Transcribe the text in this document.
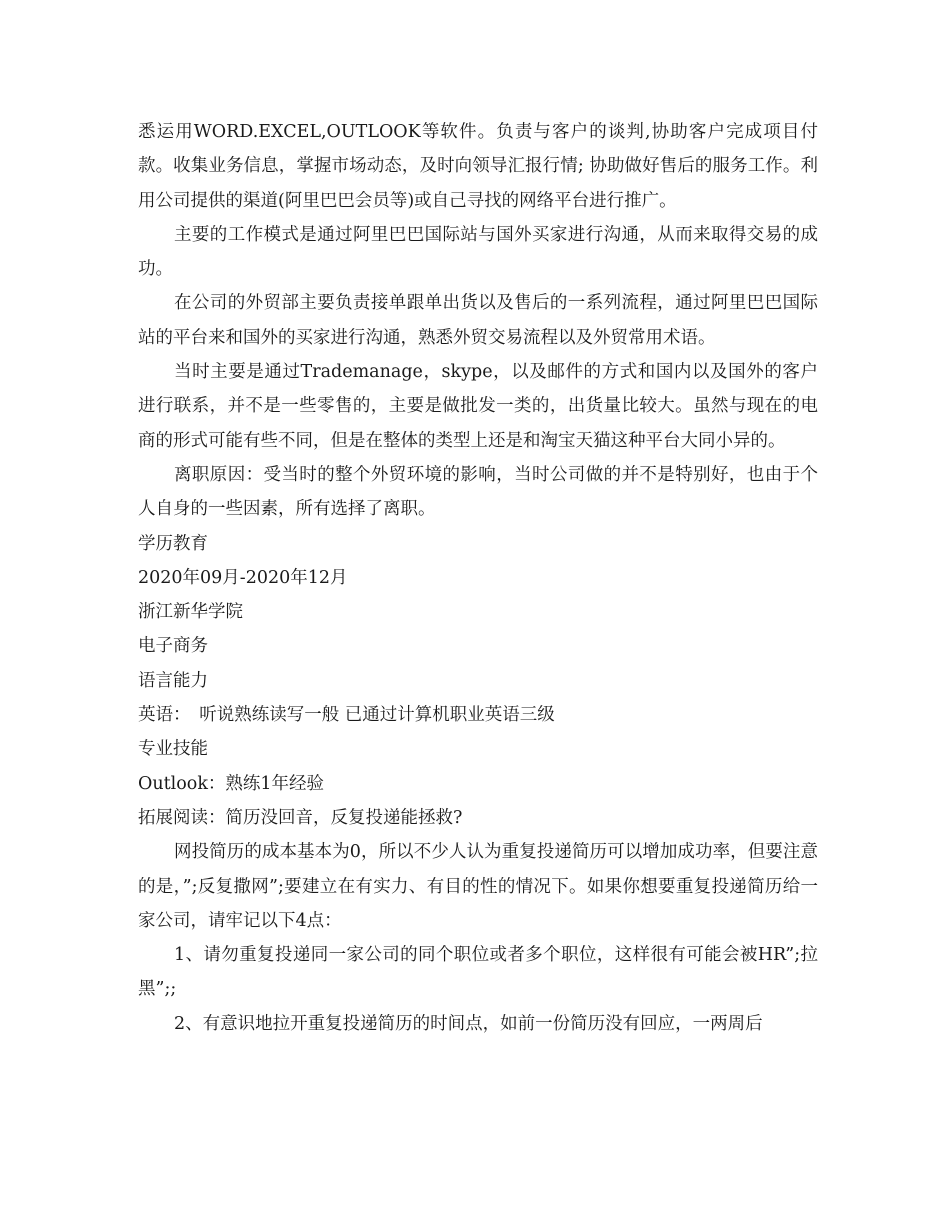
悉运用WORD.EXCEL,OUTLOOK等软件。负责与客户的谈判,协助客户完成项目付款。收集业务信息，掌握市场动态，及时向领导汇报行情; 协助做好售后的服务工作。利用公司提供的渠道(阿里巴巴会员等)或自己寻找的网络平台进行推广。

主要的工作模式是通过阿里巴巴国际站与国外买家进行沟通，从而来取得交易的成功。

在公司的外贸部主要负责接单跟单出货以及售后的一系列流程，通过阿里巴巴国际站的平台来和国外的买家进行沟通，熟悉外贸交易流程以及外贸常用术语。

当时主要是通过Trademanage，skype，以及邮件的方式和国内以及国外的客户进行联系，并不是一些零售的，主要是做批发一类的，出货量比较大。虽然与现在的电商的形式可能有些不同，但是在整体的类型上还是和淘宝天猫这种平台大同小异的。

离职原因：受当时的整个外贸环境的影响，当时公司做的并不是特别好，也由于个人自身的一些因素，所有选择了离职。

学历教育

2020年09月-2020年12月

浙江新华学院

电子商务

语言能力

英语：　听说熟练读写一般 已通过计算机职业英语三级

专业技能

Outlook：熟练1年经验

拓展阅读：简历没回音，反复投递能拯救?

网投简历的成本基本为0，所以不少人认为重复投递简历可以增加成功率，但要注意的是，”;反复撒网”;要建立在有实力、有目的性的情况下。如果你想要重复投递简历给一家公司，请牢记以下4点：

1、请勿重复投递同一家公司的同个职位或者多个职位，这样很有可能会被HR”;拉黑”;;

2、有意识地拉开重复投递简历的时间点，如前一份简历没有回应，一两周后
